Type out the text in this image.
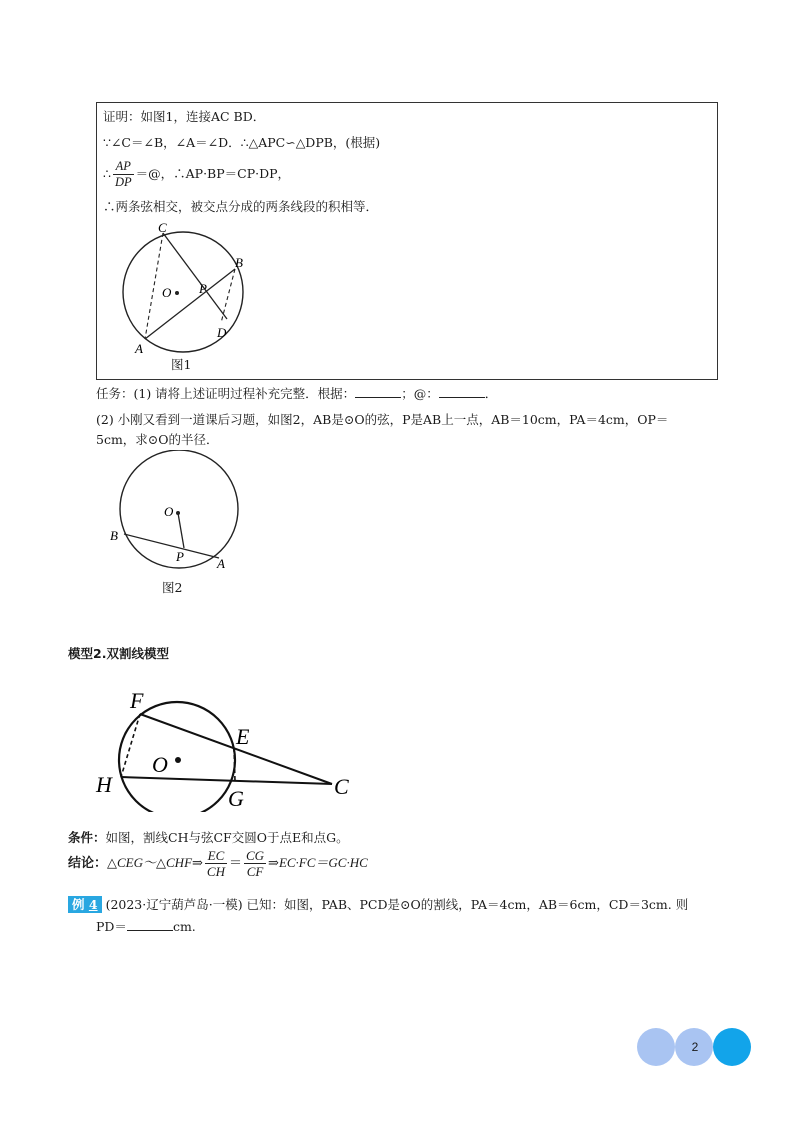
证明：如图1，连接AC BD．
∵∠C＝∠B，∠A＝∠D．∴△APC∽△DPB，(根据)
∴ $\frac{AP}{DP}$ ＝@，∴AP·BP＝CP·DP，
∴两条弦相交，被交点分成的两条线段的积相等．
C
B
O P
D
A
图1
任务：(1) 请将上述证明过程补充完整．根据：	；@：	．
(2) 小刚又看到一道课后习题，如图2，AB是⊙O的弦，P是AB上一点，AB＝10cm，PA＝4cm，OP＝
5cm，求⊙O的半径．
O
B
P	A
图2
模型2.双割线模型
F
E
O
H
G	C
条件：如图，割线CH与弦CF交圆O于点E和点G。
结论：△CEG～△CHF⇒ $\frac{EC}{CH} = \frac{CG}{CF}$ ⇒EC·FC＝GC·HC
例 4 (2023·辽宁葫芦岛·一模) 已知：如图，PAB、PCD是⊙O的割线，PA＝4cm，AB＝6cm，CD＝3cm. 则
PD＝	cm.
2
